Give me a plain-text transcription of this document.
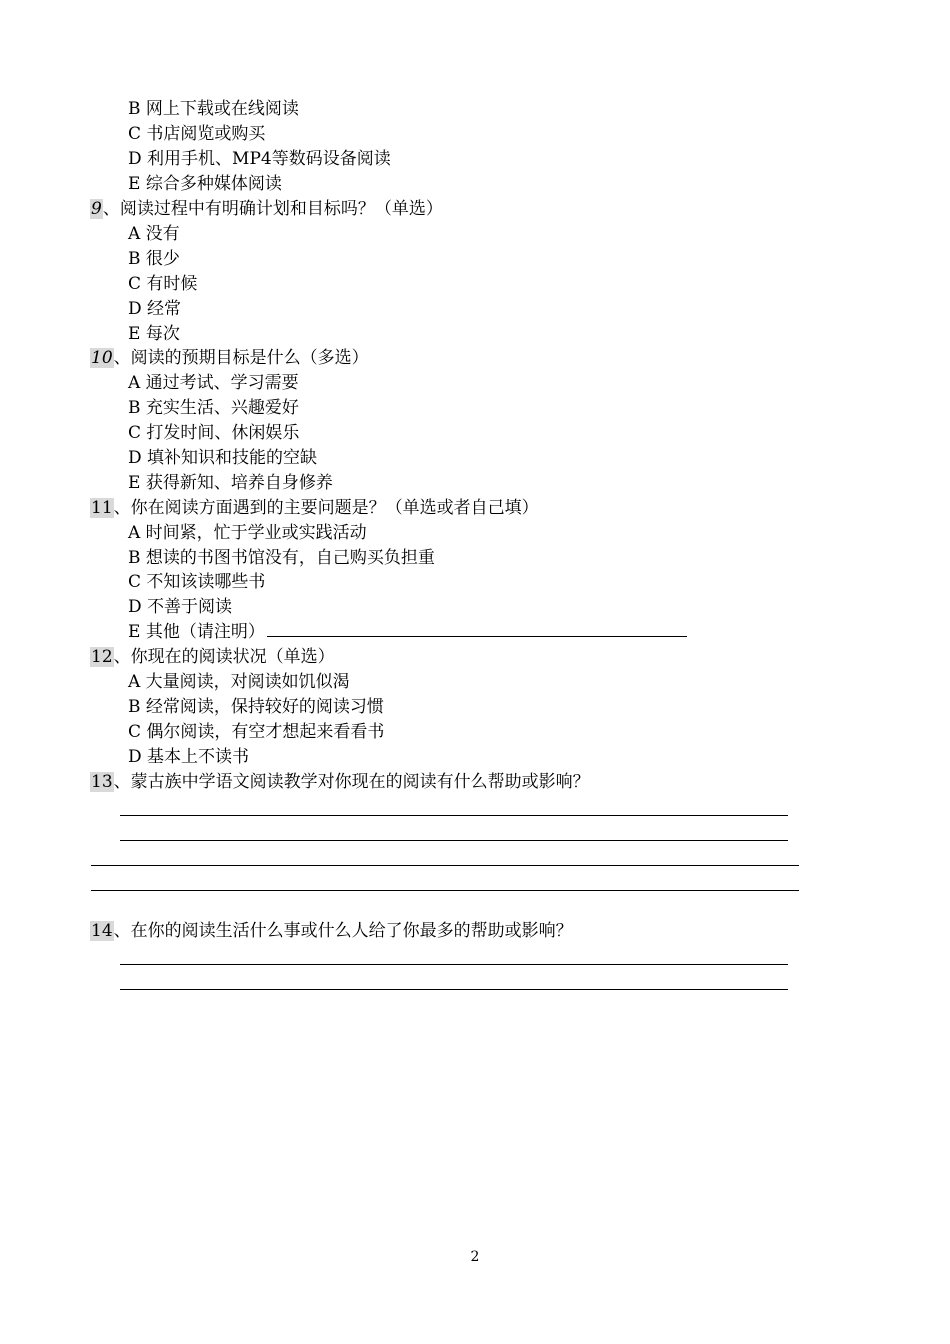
B 网上下载或在线阅读
C 书店阅览或购买
D 利用手机、MP4等数码设备阅读
E 综合多种媒体阅读
9、阅读过程中有明确计划和目标吗？（单选）
A 没有
B 很少
C 有时候
D 经常
E 每次
10、阅读的预期目标是什么（多选）
A 通过考试、学习需要
B 充实生活、兴趣爱好
C 打发时间、休闲娱乐
D 填补知识和技能的空缺
E 获得新知、培养自身修养
11、你在阅读方面遇到的主要问题是？（单选或者自己填）
A 时间紧，忙于学业或实践活动
B 想读的书图书馆没有，自己购买负担重
C 不知该读哪些书
D 不善于阅读
E 其他（请注明）
12、你现在的阅读状况（单选）
A 大量阅读，对阅读如饥似渴
B 经常阅读，保持较好的阅读习惯
C 偶尔阅读，有空才想起来看看书
D 基本上不读书
13、蒙古族中学语文阅读教学对你现在的阅读有什么帮助或影响？
14、在你的阅读生活什么事或什么人给了你最多的帮助或影响？
2
